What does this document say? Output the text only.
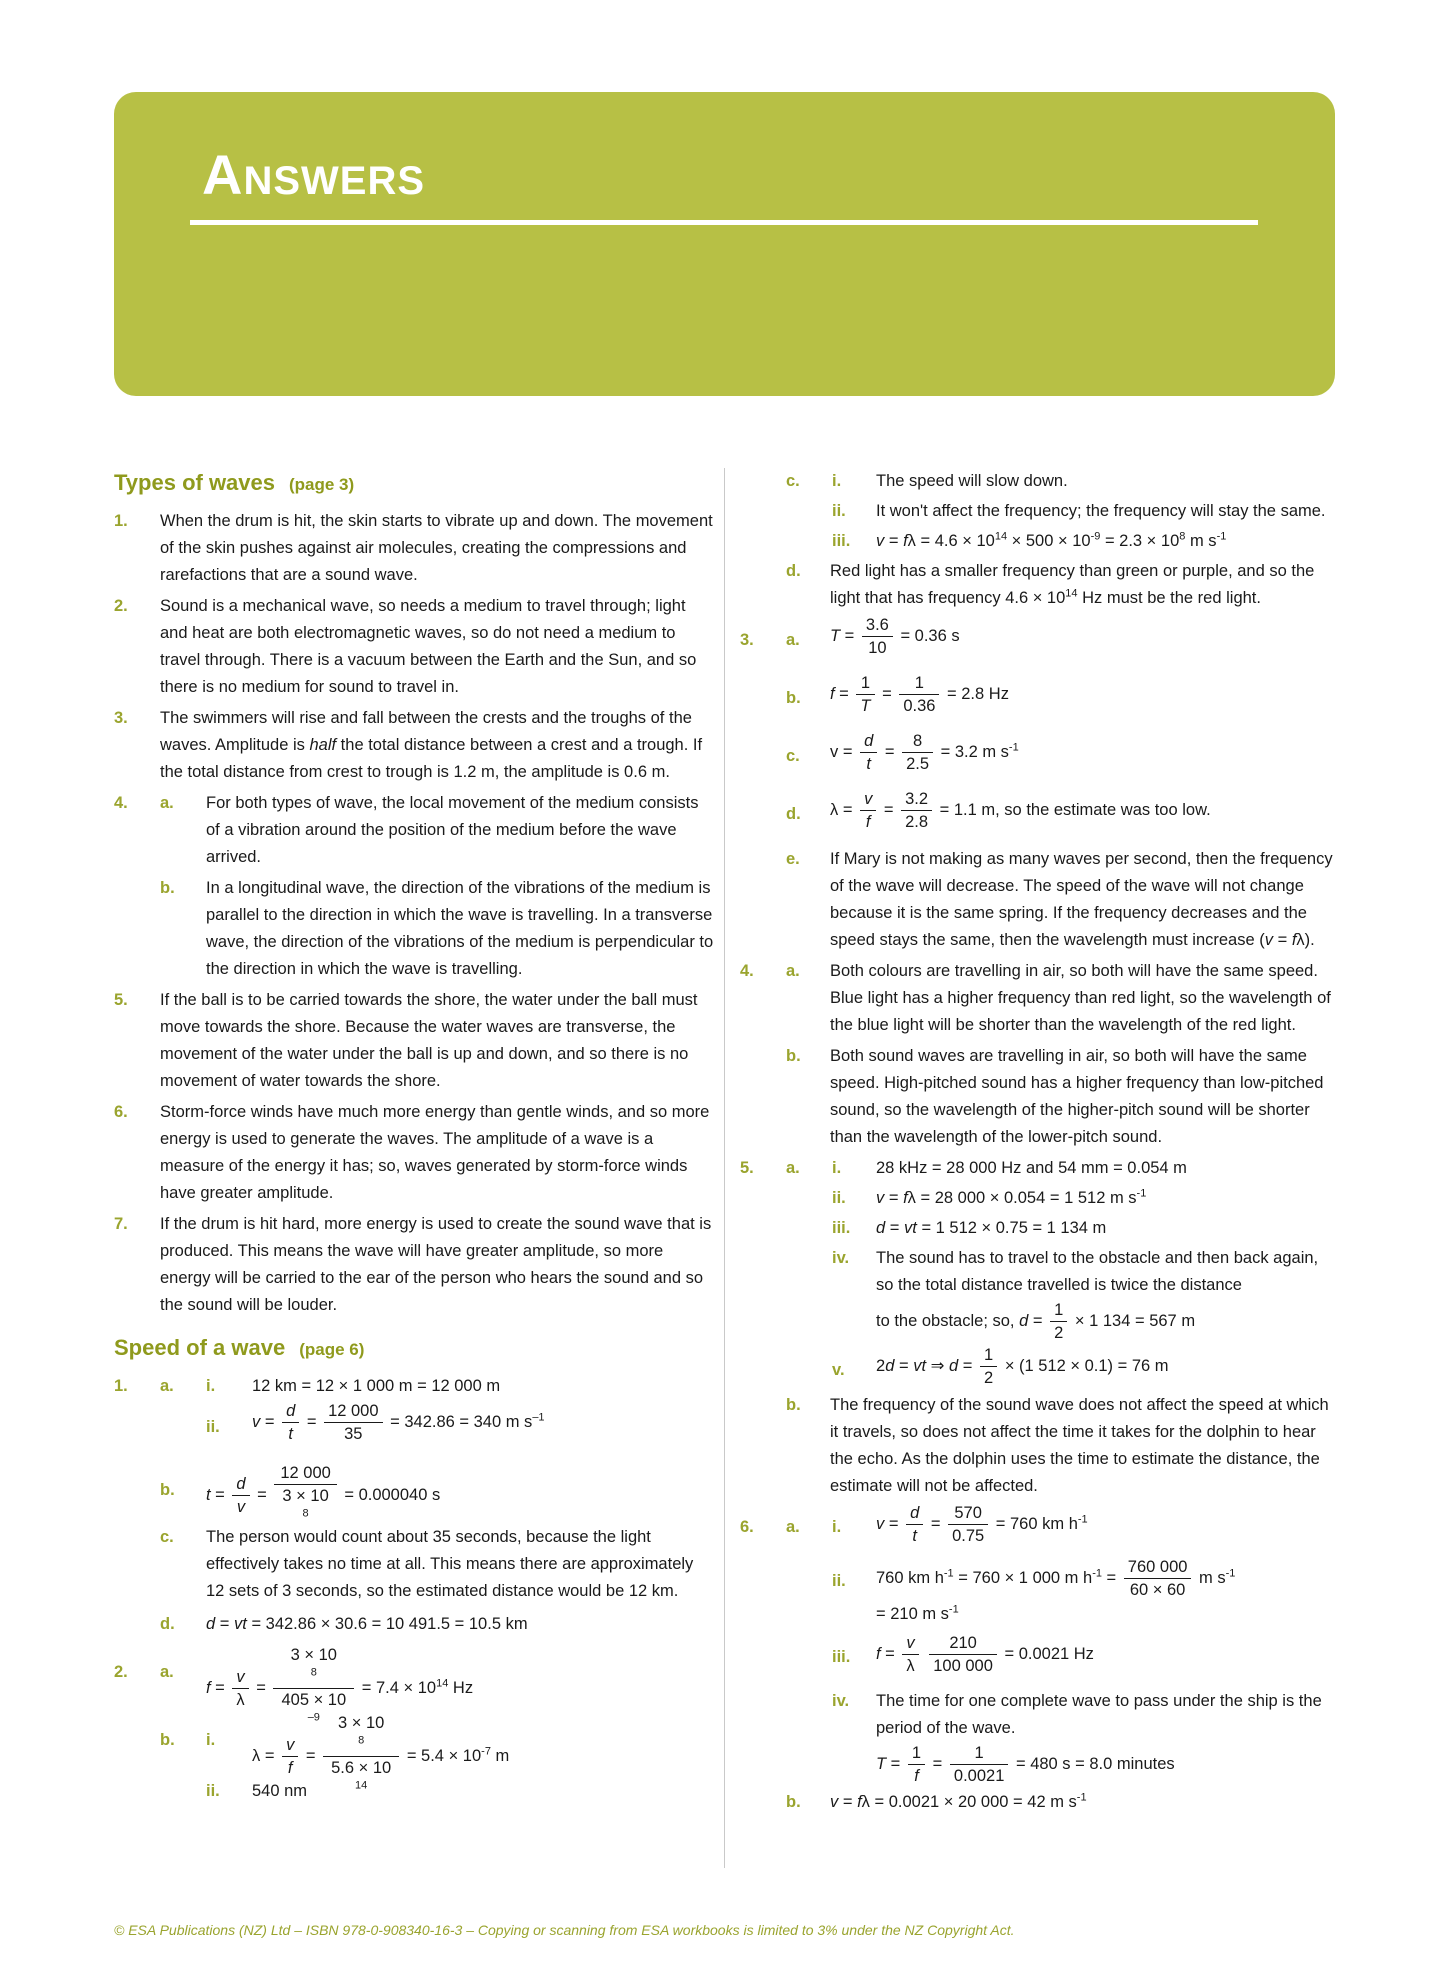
ANSWERS
Types of waves (page 3)
1. When the drum is hit, the skin starts to vibrate up and down. The movement of the skin pushes against air molecules, creating the compressions and rarefactions that are a sound wave.
2. Sound is a mechanical wave, so needs a medium to travel through; light and heat are both electromagnetic waves, so do not need a medium to travel through. There is a vacuum between the Earth and the Sun, and so there is no medium for sound to travel in.
3. The swimmers will rise and fall between the crests and the troughs of the waves. Amplitude is half the total distance between a crest and a trough. If the total distance from crest to trough is 1.2 m, the amplitude is 0.6 m.
4. a. For both types of wave, the local movement of the medium consists of a vibration around the position of the medium before the wave arrived.
b. In a longitudinal wave, the direction of the vibrations of the medium is parallel to the direction in which the wave is travelling. In a transverse wave, the direction of the vibrations of the medium is perpendicular to the direction in which the wave is travelling.
5. If the ball is to be carried towards the shore, the water under the ball must move towards the shore. Because the water waves are transverse, the movement of the water under the ball is up and down, and so there is no movement of water towards the shore.
6. Storm-force winds have much more energy than gentle winds, and so more energy is used to generate the waves. The amplitude of a wave is a measure of the energy it has; so, waves generated by storm-force winds have greater amplitude.
7. If the drum is hit hard, more energy is used to create the sound wave that is produced. This means the wave will have greater amplitude, so more energy will be carried to the ear of the person who hears the sound and so the sound will be louder.
Speed of a wave (page 6)
1. a. i. 12 km = 12 × 1 000 m = 12 000 m
ii. $v = \frac{d}{t} = \frac{12 000}{35} = 342.86 = 340$ m $s^{-1}$
b. $t = \frac{d}{v} = 12$ 000
3 × 10
$^8$ = 0.000040 s
c. The person would count about 35 seconds, because the light effectively takes no time at all. This means there are approximately 12 sets of 3 seconds, so the estimated distance would be 12 km.
d. d = vt = 342.86 × 30.6 = 10 491.5 = 10.5 km
2. a.
$f = \frac{v}{\lambda} = 3 \times 10$
$^8$
405 × 10
$^{-9} = 7.4 \times 10^{14}$ Hz
b. i.
$\lambda = \frac{v}{f} = 3 \times 10$
$^8$
5.6 × 10
$^{14} = 5.4 \times 10^{-7}$ m
ii. 540 nm
c. i. The speed will slow down.
ii. It won't affect the frequency; the frequency will stay the same.
iii. $v = f\lambda = 4.6 \times 10^{14} \times 500 \times 10^{-9} = 2.3 \times 10^8$ m $s^{-1}$
d. Red light has a smaller frequency than green or purple, and so the light that has frequency $4.6 \times 10^{14}$ Hz must be the red light.
3. a. $T = \frac{3.6}{10} = 0.36$ s
b. $f = \frac{1}{T} = \frac{1}{0.36} = 2.8$ Hz
c. $v = \frac{d}{t} = \frac{8}{2.5} = 3.2$ m $s^{-1}$
d. $\lambda = \frac{v}{f} = \frac{3.2}{2.8} = 1.1$ m, so the estimate was too low.
e. If Mary is not making as many waves per second, then the frequency of the wave will decrease. The speed of the wave will not change because it is the same spring. If the frequency decreases and the speed stays the same, then the wavelength must increase (v = fλ).
4. a. Both colours are travelling in air, so both will have the same speed. Blue light has a higher frequency than red light, so the wavelength of the blue light will be shorter than the wavelength of the red light.
b. Both sound waves are travelling in air, so both will have the same speed. High-pitched sound has a higher frequency than low-pitched sound, so the wavelength of the higher-pitch sound will be shorter than the wavelength of the lower-pitch sound.
5. a. i. 28 kHz = 28 000 Hz and 54 mm = 0.054 m
ii. v = fλ = 28 000 × 0.054 = 1 512 m $s^{-1}$
iii. d = vt = 1 512 × 0.75 = 1 134 m
iv. The sound has to travel to the obstacle and then back again, so the total distance travelled is twice the distance
to the obstacle; so, $d = \frac{1}{2} \times 1$ 134 = 567 m
v. 2d = vt ⇒ $d = \frac{1}{2} \times (1$ 512 × 0.1) = 76 m
b. The frequency of the sound wave does not affect the speed at which it travels, so does not affect the time it takes for the dolphin to hear the echo. As the dolphin uses the time to estimate the distance, the estimate will not be affected.
6. a. i. $v = \frac{d}{t} = \frac{570}{0.75} = 760$ km $h^{-1}$
ii. 760 km $h^{-1} = 760 \times 1$ 000 m $h^{-1} = \frac{760 000}{60 \times 60}$ m $s^{-1}$
= 210 m $s^{-1}$
iii. $f = \frac{v}{\lambda}$
$\frac{210}{100 000} = 0.0021$ Hz
iv. The time for one complete wave to pass under the ship is the period of the wave.
$T = \frac{1}{f} = \frac{1}{0.0021} = 480$ s = 8.0 minutes
b. v = fλ = 0.0021 × 20 000 = 42 m $s^{-1}$
© ESA Publications (NZ) Ltd – ISBN 978-0-908340-16-3 – Copying or scanning from ESA workbooks is limited to 3% under the NZ Copyright Act.
